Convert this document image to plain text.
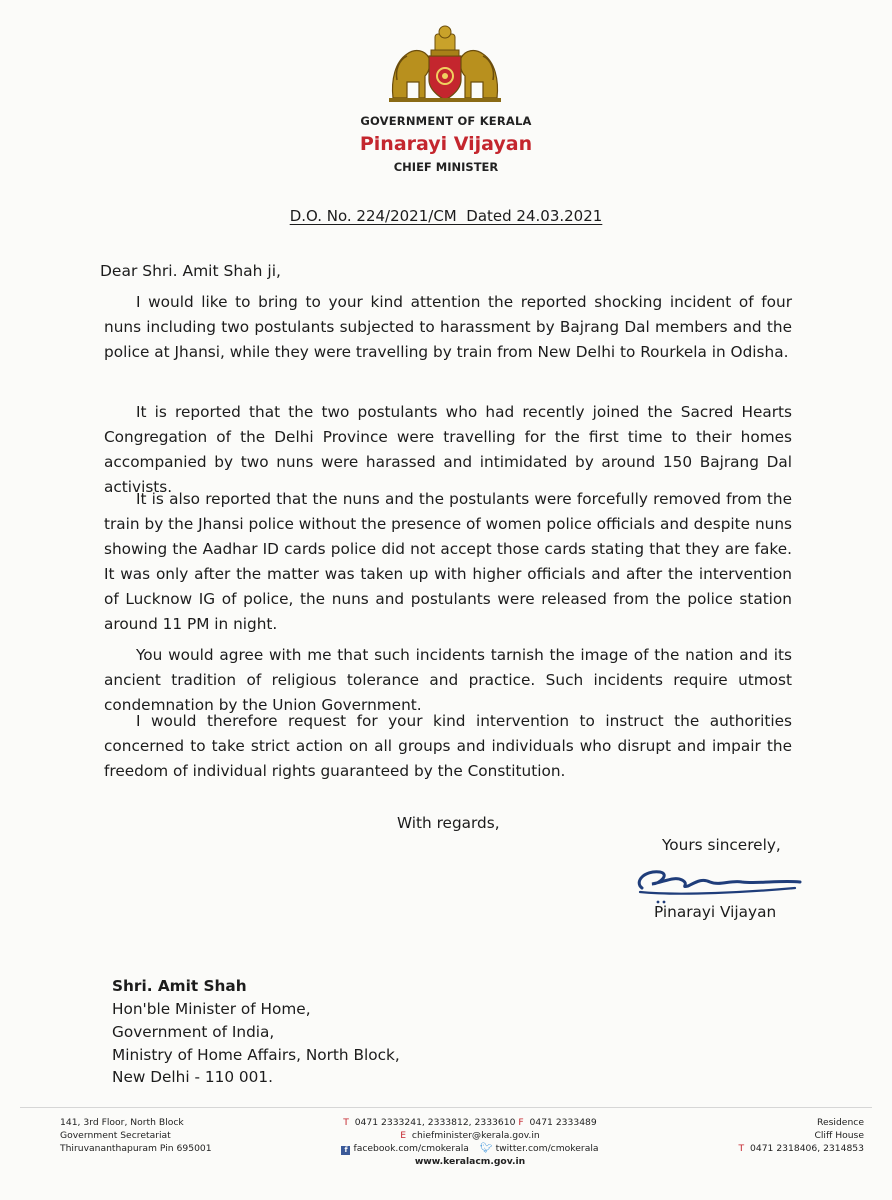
GOVERNMENT OF KERALA
Pinarayi Vijayan
CHIEF MINISTER
D.O. No. 224/2021/CM  Dated 24.03.2021
Dear Shri. Amit Shah ji,

I would like to bring to your kind attention the reported shocking incident of four nuns including two postulants subjected to harassment by Bajrang Dal members and the police at Jhansi, while they were travelling by train from New Delhi to Rourkela in Odisha.

It is reported that the two postulants who had recently joined the Sacred Hearts Congregation of the Delhi Province were travelling for the first time to their homes accompanied by two nuns were harassed and intimidated by around 150 Bajrang Dal activists.

It is also reported that the nuns and the postulants were forcefully removed from the train by the Jhansi police without the presence of women police officials and despite nuns showing the Aadhar ID cards police did not accept those cards stating that they are fake. It was only after the matter was taken up with higher officials and after the intervention of Lucknow IG of police, the nuns and postulants were released from the police station around 11 PM in night.

You would agree with me that such incidents tarnish the image of the nation and its ancient tradition of religious tolerance and practice. Such incidents require utmost condemnation by the Union Government.

I would therefore request for your kind intervention to instruct the authorities concerned to take strict action on all groups and individuals who disrupt and impair the freedom of individual rights guaranteed by the Constitution.

With regards,
Yours sincerely,
Pinarayi Vijayan
Shri. Amit Shah
Hon'ble Minister of Home,
Government of India,
Ministry of Home Affairs, North Block,
New Delhi - 110 001.
141, 3rd Floor, North Block
Government Secretariat
Thiruvananthapuram Pin 695001
T 0471 2333241, 2333812, 2333610 F 0471 2333489
E chiefminister@kerala.gov.in
f facebook.com/cmokerala 🐦︎ twitter.com/cmokerala
www.keralacm.gov.in
Residence
Cliff House
T 0471 2318406, 2314853
